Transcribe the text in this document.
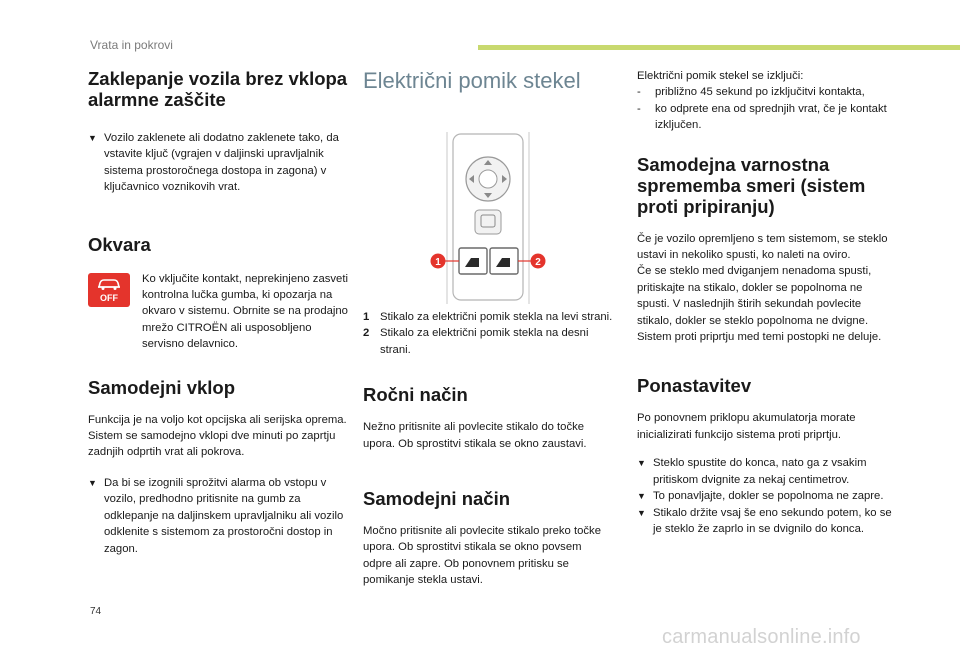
Vrata in pokrovi
Zaklepanje vozila brez vklopa alarmne zaščite
▼ Vozilo zaklenete ali dodatno zaklenete tako, da vstavite ključ (vgrajen v daljinski upravljalnik sistema prostoročnega dostopa in zagona) v ključavnico voznikovih vrat.
Okvara
OFF

Ko vključite kontakt, neprekinjeno zasveti kontrolna lučka gumba, ki opozarja na okvaro v sistemu. Obrnite se na prodajno mrežo CITROËN ali usposobljeno servisno delavnico.

Samodejni vklop

Funkcija je na voljo kot opcijska ali serijska oprema.

Sistem se samodejno vklopi dve minuti po zaprtju zadnjih odprtih vrat ali pokrova.

▼ Da bi se izognili sprožitvi alarma ob vstopu v vozilo, predhodno pritisnite na gumb za odklepanje na daljinskem upravljalniku ali vozilo odklenite s sistemom za prostoročni dostop in zagon.
Električni pomik stekel
1	2
1 Stikalo za električni pomik stekla na levi strani.
2 Stikalo za električni pomik stekla na desni strani.
Ročni način

Nežno pritisnite ali povlecite stikalo do točke upora. Ob sprostitvi stikala se okno zaustavi.

Samodejni način

Močno pritisnite ali povlecite stikalo preko točke upora. Ob sprostitvi stikala se okno povsem odpre ali zapre. Ob ponovnem pritisku se pomikanje stekla ustavi.

Električni pomik stekel se izključi:

- približno 45 sekund po izključitvi kontakta,
- ko odprete ena od sprednjih vrat, če je kontakt izključen.
Samodejna varnostna sprememba smeri (sistem proti pripiranju)

Če je vozilo opremljeno s tem sistemom, se steklo ustavi in nekoliko spusti, ko naleti na oviro.

Če se steklo med dviganjem nenadoma spusti, pritiskajte na stikalo, dokler se popolnoma ne spusti. V naslednjih štirih sekundah povlecite stikalo, dokler se steklo popolnoma ne dvigne. Sistem proti priprtju med temi postopki ne deluje.

Ponastavitev

Po ponovnem priklopu akumulatorja morate inicializirati funkcijo sistema proti priprtju.

▼ Steklo spustite do konca, nato ga z vsakim pritiskom dvignite za nekaj centimetrov.
▼ To ponavljajte, dokler se popolnoma ne zapre.
▼ Stikalo držite vsaj še eno sekundo potem, ko se je steklo že zaprlo in se dvignilo do konca.
74
carmanualsonline.info
